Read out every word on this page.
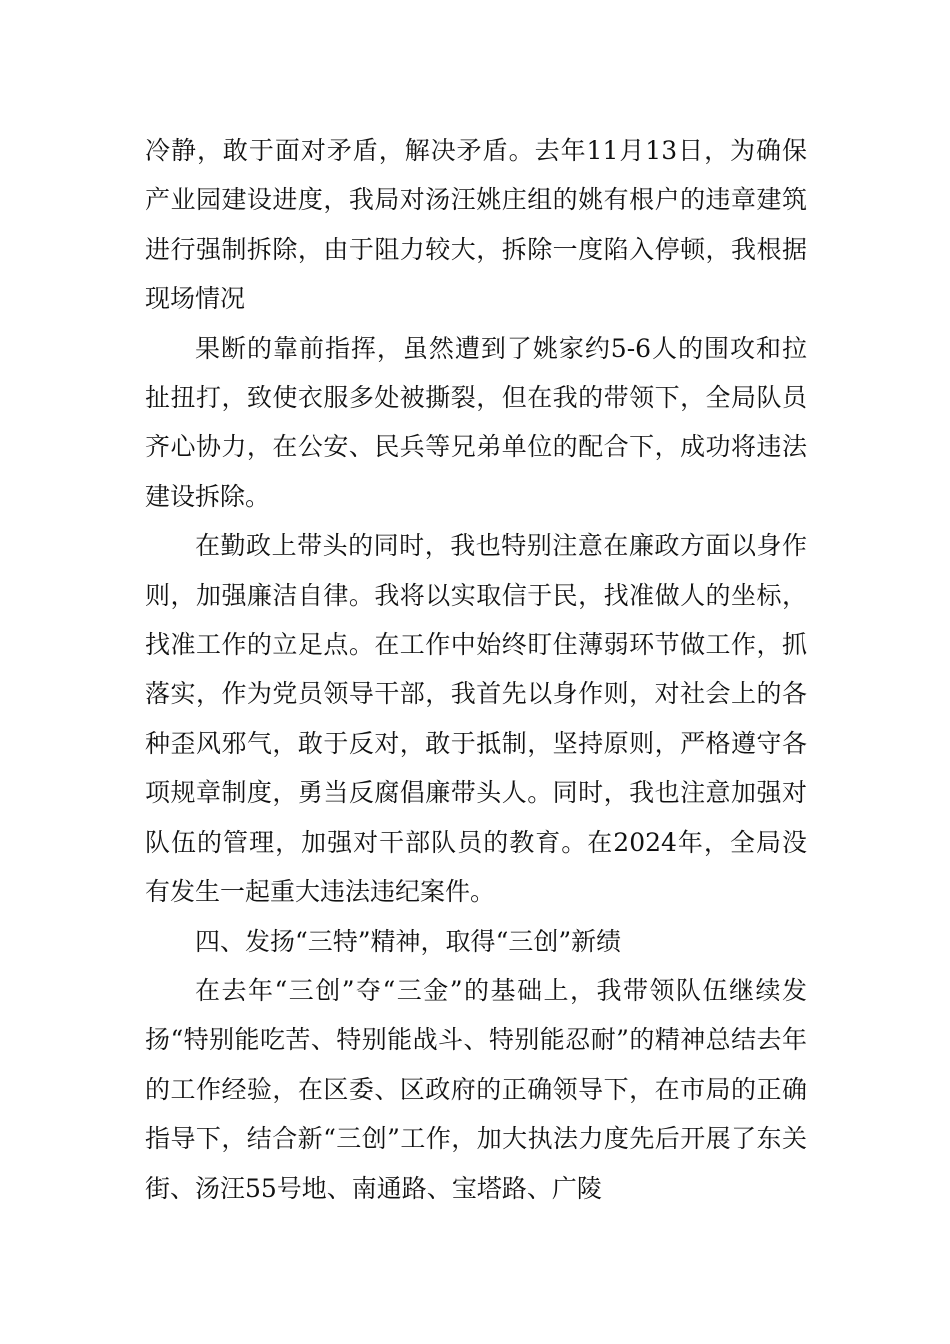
冷静，敢于面对矛盾，解决矛盾。去年11月13日，为确保产业园建设进度，我局对汤汪姚庄组的姚有根户的违章建筑进行强制拆除，由于阻力较大，拆除一度陷入停顿，我根据现场情况

果断的靠前指挥，虽然遭到了姚家约5-6人的围攻和拉扯扭打，致使衣服多处被撕裂，但在我的带领下，全局队员齐心协力，在公安、民兵等兄弟单位的配合下，成功将违法建设拆除。

在勤政上带头的同时，我也特别注意在廉政方面以身作则，加强廉洁自律。我将以实取信于民，找准做人的坐标，找准工作的立足点。在工作中始终盯住薄弱环节做工作，抓落实，作为党员领导干部，我首先以身作则，对社会上的各种歪风邪气，敢于反对，敢于抵制，坚持原则，严格遵守各项规章制度，勇当反腐倡廉带头人。同时，我也注意加强对队伍的管理，加强对干部队员的教育。在2024年，全局没有发生一起重大违法违纪案件。

四、发扬“三特”精神，取得“三创”新绩

在去年“三创”夺“三金”的基础上，我带领队伍继续发扬“特别能吃苦、特别能战斗、特别能忍耐”的精神总结去年的工作经验，在区委、区政府的正确领导下，在市局的正确指导下，结合新“三创”工作，加大执法力度先后开展了东关街、汤汪55号地、南通路、宝塔路、广陵
